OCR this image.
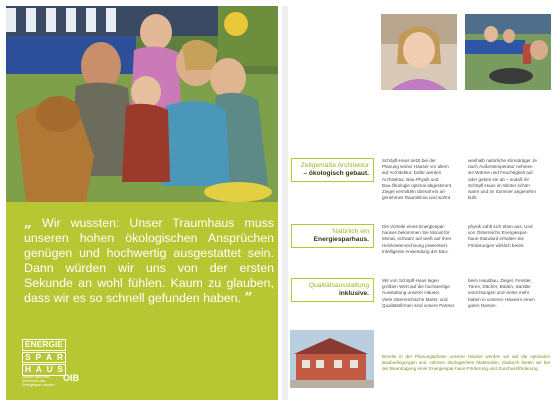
„ Wir wussten: Unser Traumhaus muss unseren hohen ökologischen Ansprüchen genügen und hochwertig ausgestattet sein. Dann würden wir uns von der ersten Sekunde an wohl fühlen. Kaum zu glauben, dass wir es so schnell gefunden haben. “
E N E R G I E
S P A R
H A U S
Gebaut nach den Richtlinien des Energiespar Hauses
OIB
Zeitgemäße Architektur
– ökologisch gebaut.
Schöpfl-Haus setzt bei der
Planung seiner Häuser vor allem
auf Architektur. Dafür werden
Architektur, Bau-Physik und
Bau-Ökologie optimal abgestimmt.
Ziegel vermitteln überall ein an-
genehmes Raumklima und wohnt
weshalb natürliche Klimaträger Je
nach Außentemperatur nehmen
sie Wärme und Feuchtigkeit auf
oder geben sie ab – sodaß ihr
Schöpfl-Haus im Winter schön
warm und im Sommer angenehm
kühl.
Natürlich ein
Energiesparhaus.
Die Vorteile eines Energiespar-
hauses bekommen Sie Monat für
Monat, schwarz auf weiß auf Ihrer
Heizkostenrechnung präsentiert.
Intelligente Anwendung der Bau-
physik zahlt sich eben aus. Und
von Österreichs Energiespar-
haus-Standard erhalten Sie
Förderungen wirklich bereit.
Qualitätsausstattung
inklusive.
Wir von Schöpfl-Haus legen
größten Wert auf die hochwertige
Ausstattung unserer Häuser.
Viele österreichische Markt- und
Qualitätsfirmen sind unsere Partner
beim Hausbau, Ziegel, Fenster,
Türen, Dächer, Böden, Sanitär-
einrichtungen und vieles mehr
haben in unseren Häusern einen
guten Namen.
Bereits in der Planungsphase unserer Häuser werden wir auf die optimalen Baubedingungen und -rahmen ökologischen Materialien. Dadurch bieten wir bei der Beantragung einer Energiespar-haus-Förderung und Zuschussförderung.
